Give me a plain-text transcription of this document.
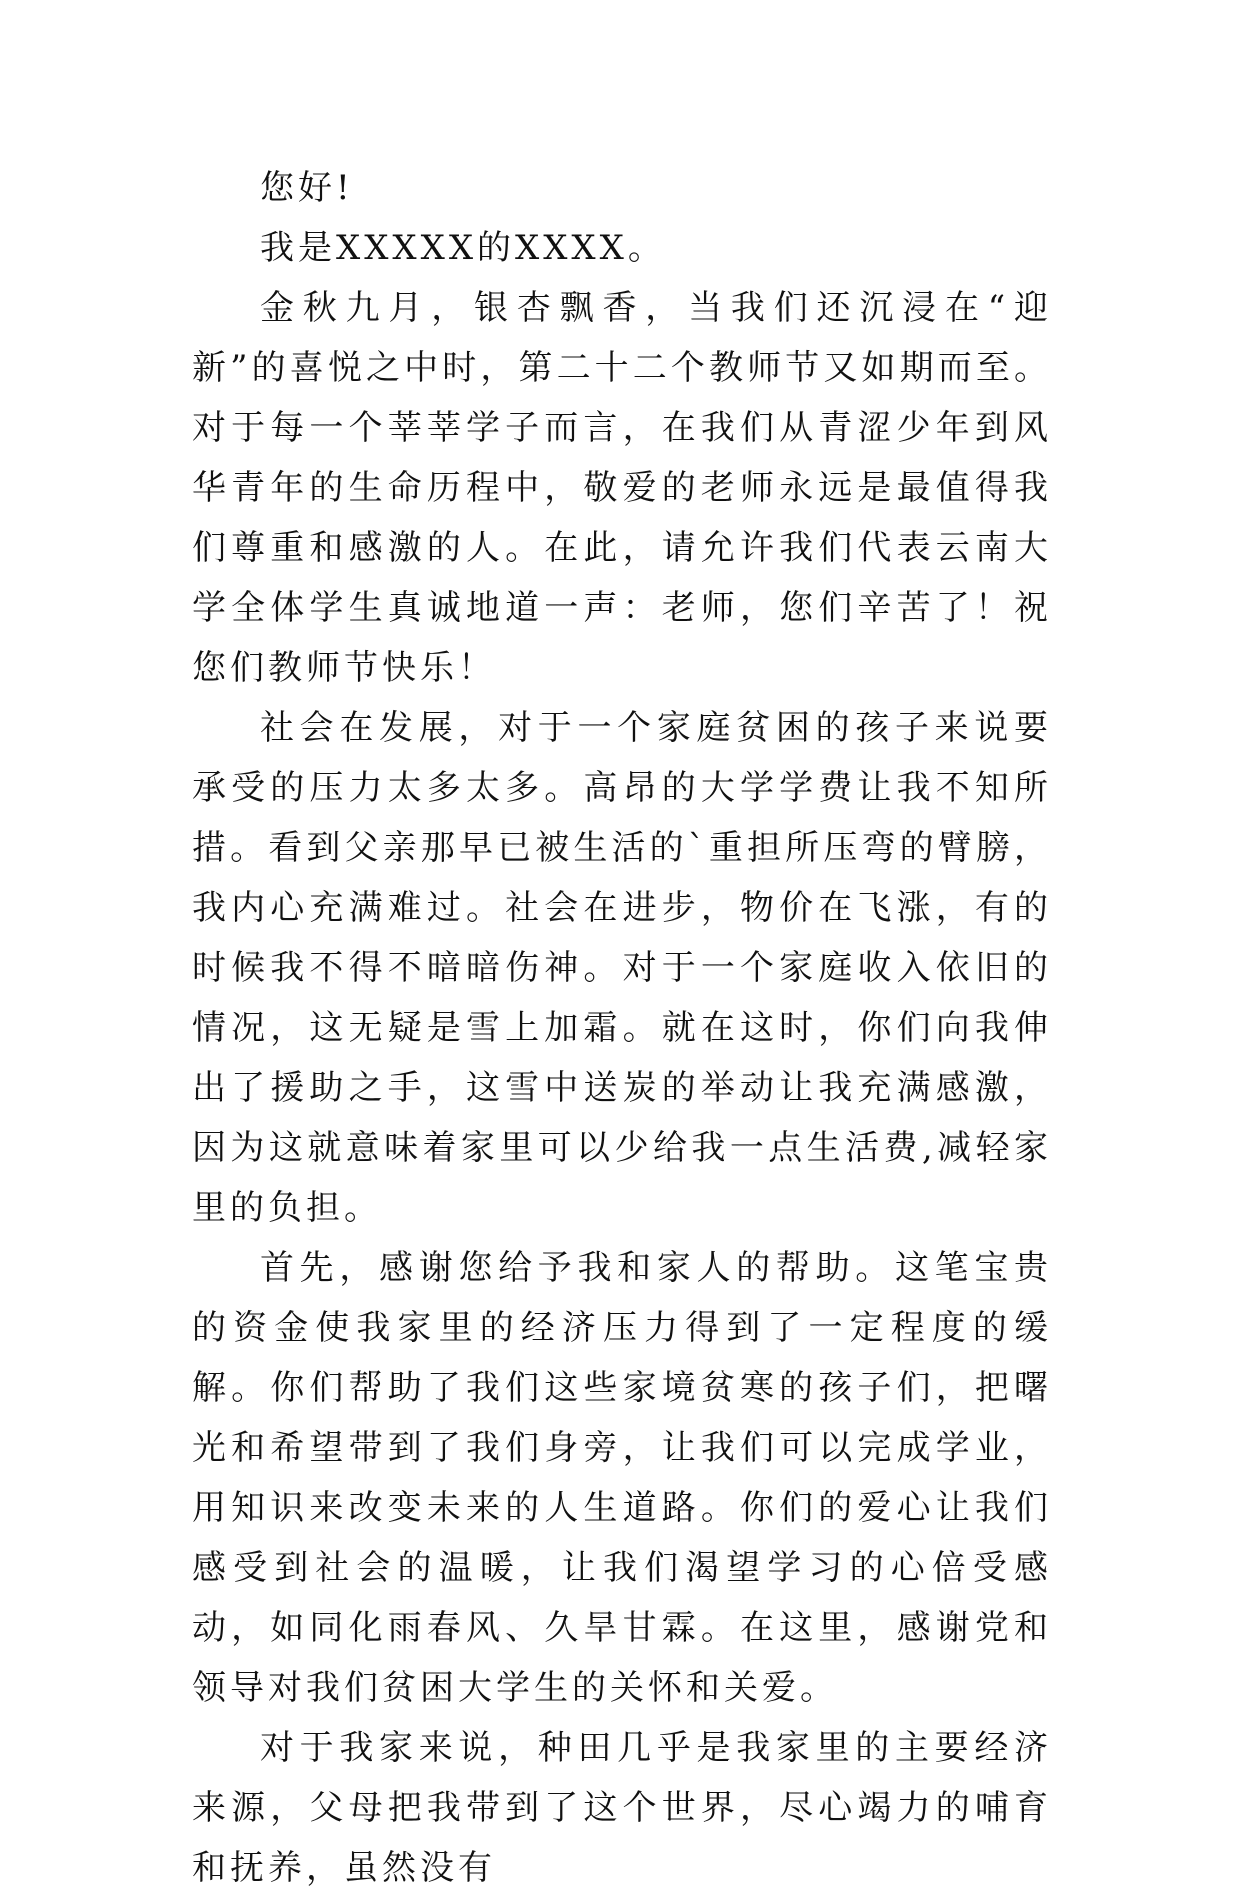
您好!

我是XXXXX的XXXX。

金秋九月，银杏飘香，当我们还沉浸在“迎新”的喜悦之中时，第二十二个教师节又如期而至。对于每一个莘莘学子而言，在我们从青涩少年到风华青年的生命历程中，敬爱的老师永远是最值得我们尊重和感激的人。在此，请允许我们代表云南大学全体学生真诚地道一声：老师，您们辛苦了！祝您们教师节快乐！

社会在发展，对于一个家庭贫困的孩子来说要承受的压力太多太多。高昂的大学学费让我不知所措。看到父亲那早已被生活的`重担所压弯的臂膀，我内心充满难过。社会在进步，物价在飞涨，有的时候我不得不暗暗伤神。对于一个家庭收入依旧的情况，这无疑是雪上加霜。就在这时，你们向我伸出了援助之手，这雪中送炭的举动让我充满感激，因为这就意味着家里可以少给我一点生活费,减轻家里的负担。

首先，感谢您给予我和家人的帮助。这笔宝贵的资金使我家里的经济压力得到了一定程度的缓解。你们帮助了我们这些家境贫寒的孩子们，把曙光和希望带到了我们身旁，让我们可以完成学业，用知识来改变未来的人生道路。你们的爱心让我们感受到社会的温暖，让我们渴望学习的心倍受感动，如同化雨春风、久旱甘霖。在这里，感谢党和领导对我们贫困大学生的关怀和关爱。

对于我家来说，种田几乎是我家里的主要经济来源，父母把我带到了这个世界，尽心竭力的哺育和抚养，虽然没有
